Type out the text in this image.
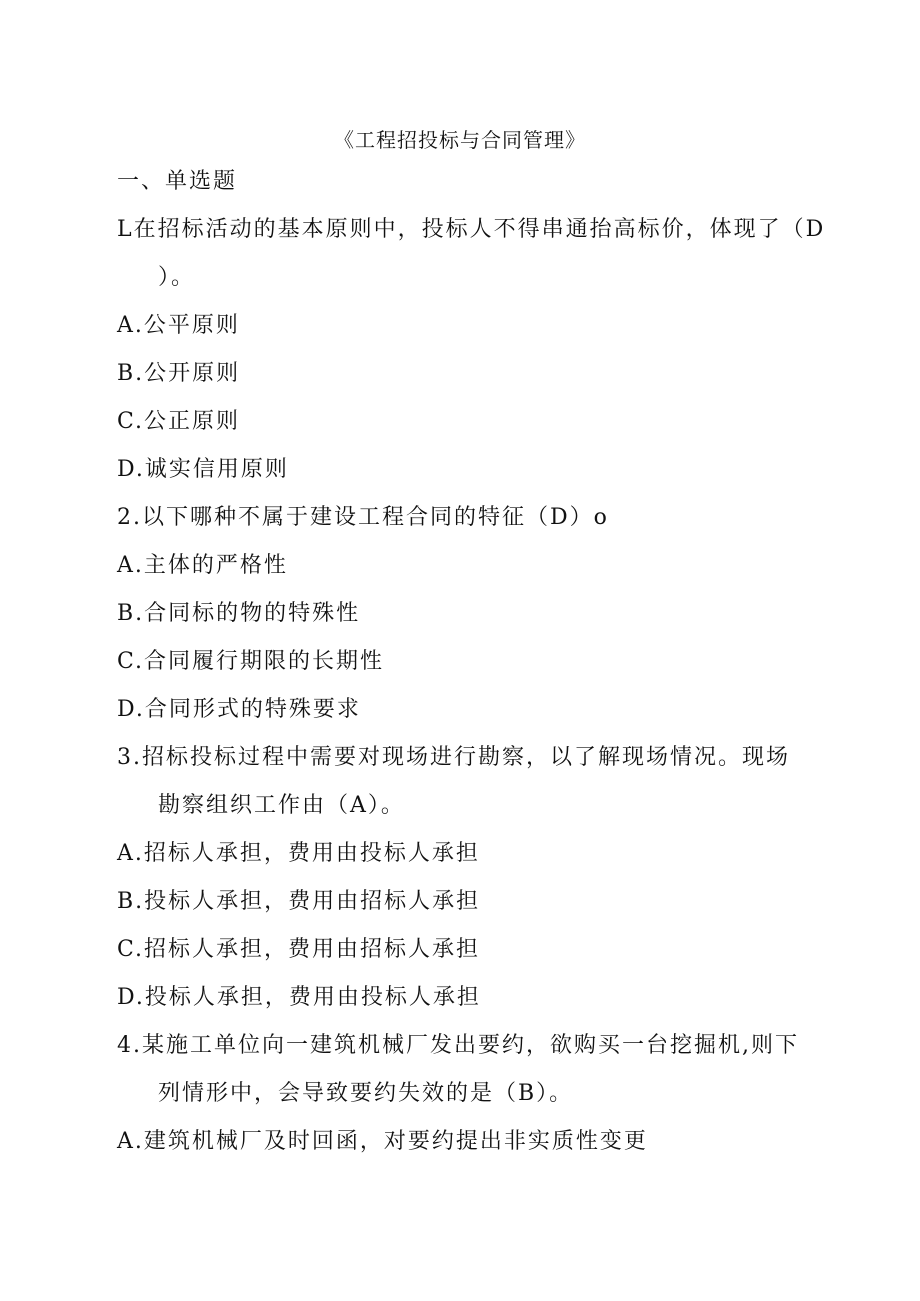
《工程招投标与合同管理》
一、单选题
L在招标活动的基本原则中，投标人不得串通抬高标价，体现了（D
）。
A.公平原则
B.公开原则
C.公正原则
D.诚实信用原则
2.以下哪种不属于建设工程合同的特征（D）o
A.主体的严格性
B.合同标的物的特殊性
C.合同履行期限的长期性
D.合同形式的特殊要求
3.招标投标过程中需要对现场进行勘察，以了解现场情况。现场
勘察组织工作由（A）。
A.招标人承担，费用由投标人承担
B.投标人承担，费用由招标人承担
C.招标人承担，费用由招标人承担
D.投标人承担，费用由投标人承担
4.某施工单位向一建筑机械厂发出要约，欲购买一台挖掘机,则下
列情形中，会导致要约失效的是（B）。
A.建筑机械厂及时回函，对要约提出非实质性变更
